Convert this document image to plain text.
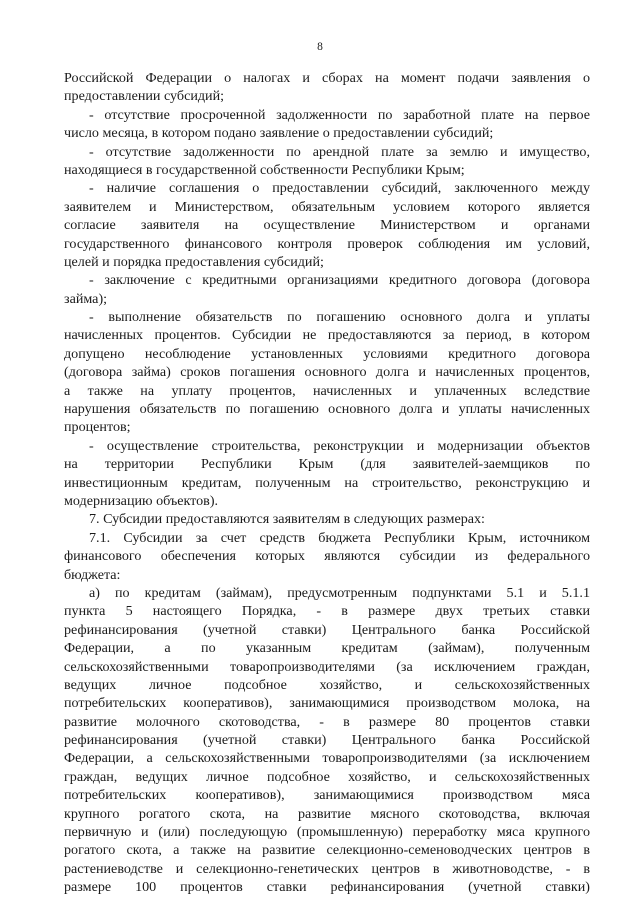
8
Российской Федерации о налогах и сборах на момент подачи заявления о
предоставлении субсидий;
- отсутствие просроченной задолженности по заработной плате на первое
число месяца, в котором подано заявление о предоставлении субсидий;
- отсутствие задолженности по арендной плате за землю и имущество,
находящиеся в государственной собственности Республики Крым;
- наличие соглашения о предоставлении субсидий, заключенного между
заявителем и Министерством, обязательным условием которого является
согласие заявителя на осуществление Министерством и органами
государственного финансового контроля проверок соблюдения им условий,
целей и порядка предоставления субсидий;
- заключение с кредитными организациями кредитного договора (договора
займа);
- выполнение обязательств по погашению основного долга и уплаты
начисленных процентов. Субсидии не предоставляются за период, в котором
допущено несоблюдение установленных условиями кредитного договора
(договора займа) сроков погашения основного долга и начисленных процентов,
а также на уплату процентов, начисленных и уплаченных вследствие
нарушения обязательств по погашению основного долга и уплаты начисленных
процентов;
- осуществление строительства, реконструкции и модернизации объектов
на территории Республики Крым (для заявителей-заемщиков по
инвестиционным кредитам, полученным на строительство, реконструкцию и
модернизацию объектов).
7. Субсидии предоставляются заявителям в следующих размерах:
7.1. Субсидии за счет средств бюджета Республики Крым, источником
финансового обеспечения которых являются субсидии из федерального
бюджета:
а) по кредитам (займам), предусмотренным подпунктами 5.1 и 5.1.1
пункта 5 настоящего Порядка, - в размере двух третьих ставки
рефинансирования (учетной ставки) Центрального банка Российской
Федерации, а по указанным кредитам (займам), полученным
сельскохозяйственными товаропроизводителями (за исключением граждан,
ведущих личное подсобное хозяйство, и сельскохозяйственных
потребительских кооперативов), занимающимися производством молока, на
развитие молочного скотоводства, - в размере 80 процентов ставки
рефинансирования (учетной ставки) Центрального банка Российской
Федерации, а сельскохозяйственными товаропроизводителями (за исключением
граждан, ведущих личное подсобное хозяйство, и сельскохозяйственных
потребительских кооперативов), занимающимися производством мяса
крупного рогатого скота, на развитие мясного скотоводства, включая
первичную и (или) последующую (промышленную) переработку мяса крупного
рогатого скота, а также на развитие селекционно-семеноводческих центров в
растениеводстве и селекционно-генетических центров в животноводстве, - в
размере 100 процентов ставки рефинансирования (учетной ставки)
